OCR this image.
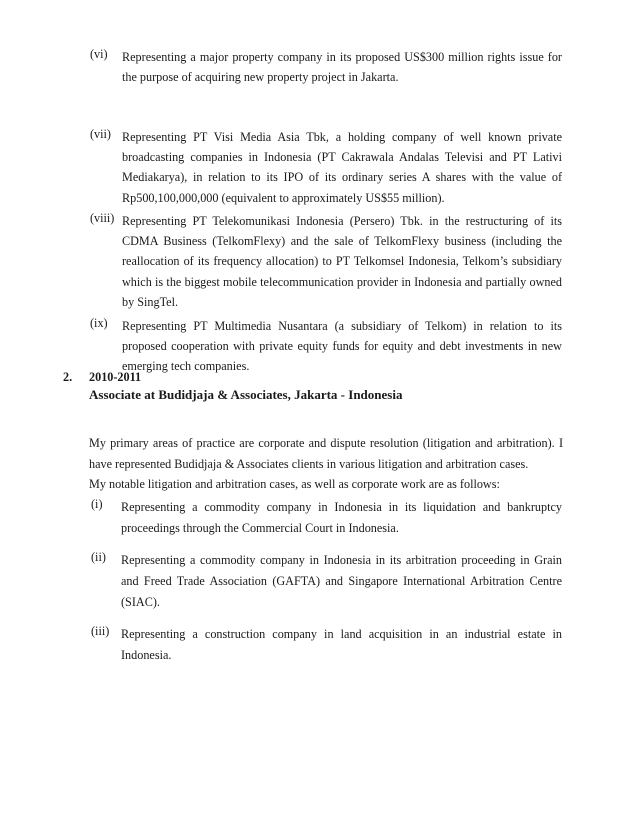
(vi) Representing a major property company in its proposed US$300 million rights issue for the purpose of acquiring new property project in Jakarta.
(vii) Representing PT Visi Media Asia Tbk, a holding company of well known private broadcasting companies in Indonesia (PT Cakrawala Andalas Televisi and PT Lativi Mediakarya), in relation to its IPO of its ordinary series A shares with the value of Rp500,100,000,000 (equivalent to approximately US$55 million).
(viii) Representing PT Telekomunikasi Indonesia (Persero) Tbk. in the restructuring of its CDMA Business (TelkomFlexy) and the sale of TelkomFlexy business (including the reallocation of its frequency allocation) to PT Telkomsel Indonesia, Telkom’s subsidiary which is the biggest mobile telecommunication provider in Indonesia and partially owned by SingTel.
(ix) Representing PT Multimedia Nusantara (a subsidiary of Telkom) in relation to its proposed cooperation with private equity funds for equity and debt investments in new emerging tech companies.
2. 2010-2011
Associate at Budidjaja & Associates, Jakarta - Indonesia
My primary areas of practice are corporate and dispute resolution (litigation and arbitration). I have represented Budidjaja & Associates clients in various litigation and arbitration cases.
My notable litigation and arbitration cases, as well as corporate work are as follows:
(i) Representing a commodity company in Indonesia in its liquidation and bankruptcy proceedings through the Commercial Court in Indonesia.
(ii) Representing a commodity company in Indonesia in its arbitration proceeding in Grain and Freed Trade Association (GAFTA) and Singapore International Arbitration Centre (SIAC).
(iii) Representing a construction company in land acquisition in an industrial estate in Indonesia.
